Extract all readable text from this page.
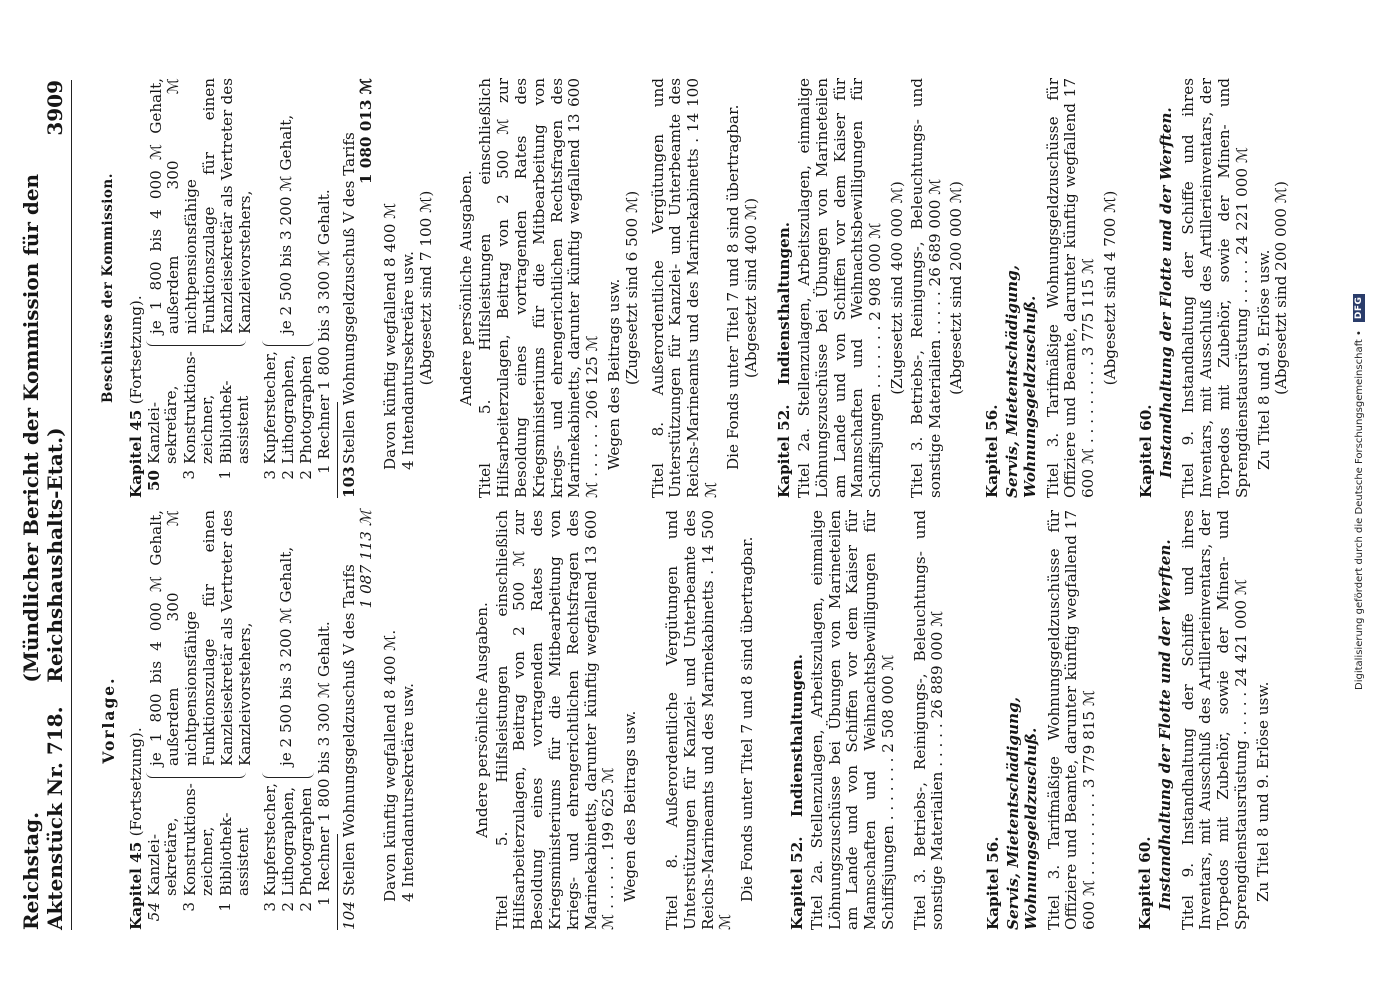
Reichstag. Aktenstück Nr. 718.
(Mündlicher Bericht der Kommission für den Reichshaushalts-Etat.)
3909
Vorlage.
Kapitel 45 (Fortsetzung).
54 3 1
Kanzlei-sekretäre, Konstruktions-zeichner, Bibliothek-assistent
je 1 800 bis 4 000 ℳ Gehalt, außerdem 300 ℳ nichtpensionsfähige Funktionszulage für einen Kanzleisekretär als Vertreter des Kanzleivorstehers,
3 2 2
Kupferstecher, Lithographen, Photographen
je 2 500 bis 3 200 ℳ Gehalt, 1 Rechner 1 800 bis 3 300 ℳ Gehalt.
104
Stellen Wohnungsgeldzuschuß V des Tarifs
1 087 113 ℳ
Davon künftig wegfallend 8 400 ℳ. 4 Intendantursekretäre usw.	Andere persönliche Ausgaben. Titel 5. Hilfsleistungen einschließlich Hilfsarbeiterzulagen, Beitrag von 2 500 ℳ zur Besoldung eines vortragenden Rates des Kriegsministeriums für die Mitbearbeitung von kriegs- und ehrengerichtlichen Rechtsfragen des Marinekabinetts, darunter künftig wegfallend 13 600 ℳ . . . . . . 199 625 ℳ Wegen des Beitrags usw. Titel 8. Außerordentliche Vergütungen und Unterstützungen für Kanzlei- und Unterbeamte des Reichs-Marineamts und des Marinekabinetts . 14 500 ℳ
Die Fonds unter Titel 7 und 8 sind übertragbar. Kapitel 52. Indiensthaltungen. Titel 2a. Stellenzulagen, Arbeitszulagen, einmalige Löhnungszuschüsse bei Übungen von Marineteilen am Lande und von Schiffen vor dem Kaiser für Mannschaften und Weihnachtsbewilligungen für Schiffsjungen . . . . . . . 2 508 000 ℳ Titel 3. Betriebs-, Reinigungs-, Beleuchtungs- und sonstige Materialien . . . . . 26 889 000 ℳ Kapitel 56. Servis, Mietentschädigung, Wohnungsgeldzuschuß. Titel 3. Tarifmäßige Wohnungsgeldzuschüsse für Offiziere und Beamte, darunter künftig wegfallend 17 600 ℳ . . . . . . . . . 3 779 815 ℳ Kapitel 60. Instandhaltung der Flotte und der Werften. Titel 9. Instandhaltung der Schiffe und ihres Inventars, mit Ausschluß des Artillerieinventars, der Torpedos mit Zubehör, sowie der Minen- und Sprengdienstausrüstung . . . . . 24 421 000 ℳ Zu Titel 8 und 9. Erlöse usw.
Beschlüsse der Kommission.
Kapitel 45 (Fortsetzung).
50 3 1
Kanzlei-sekretäre, Konstruktions-zeichner, Bibliothek-assistent
je 1 800 bis 4 000 ℳ Gehalt, außerdem 300 ℳ nichtpensionsfähige Funktionszulage für einen Kanzleisekretär als Vertreter des Kanzleivorstehers,
3 2 2
Kupferstecher, Lithographen, Photographen
je 2 500 bis 3 200 ℳ Gehalt, 1 Rechner 1 800 bis 3 300 ℳ Gehalt.
103
Stellen Wohnungsgeldzuschuß V des Tarifs
1 080 013 ℳ
Davon künftig wegfallend 8 400 ℳ 4 Intendantursekretäre usw. (Abgesetzt sind 7 100 ℳ) Andere persönliche Ausgaben. Titel 5. Hilfsleistungen einschließlich Hilfsarbeiterzulagen, Beitrag von 2 500 ℳ zur Besoldung eines vortragenden Rates des Kriegsministeriums für die Mitbearbeitung von kriegs- und ehrengerichtlichen Rechtsfragen des Marinekabinetts, darunter künftig wegfallend 13 600 ℳ . . . . . . 206 125 ℳ Wegen des Beitrags usw. (Zugesetzt sind 6 500 ℳ) Titel 8. Außerordentliche Vergütungen und Unterstützungen für Kanzlei- und Unterbeamte des Reichs-Marineamts und des Marinekabinetts . 14 100 ℳ
Die Fonds unter Titel 7 und 8 sind übertragbar. (Abgesetzt sind 400 ℳ)
Kapitel 52. Indiensthaltungen. Titel 2a. Stellenzulagen, Arbeitszulagen, einmalige Löhnungszuschüsse bei Übungen von Marineteilen am Lande und von Schiffen vor dem Kaiser für Mannschaften und Weihnachtsbewilligungen für Schiffsjungen . . . . . . . 2 908 000 ℳ (Zugesetzt sind 400 000 ℳ) Titel 3. Betriebs-, Reinigungs-, Beleuchtungs- und sonstige Materialien . . . . . 26 689 000 ℳ (Abgesetzt sind 200 000 ℳ)
Kapitel 56. Servis, Mietentschädigung, Wohnungsgeldzuschuß. Titel 3. Tarifmäßige Wohnungsgeldzuschüsse für Offiziere und Beamte, darunter künftig wegfallend 17 600 ℳ . . . . . . . . . 3 775 115 ℳ (Abgesetzt sind 4 700 ℳ)
Kapitel 60. Instandhaltung der Flotte und der Werften. Titel 9. Instandhaltung der Schiffe und ihres Inventars, mit Ausschluß des Artillerieinventars, der Torpedos mit Zubehör, sowie der Minen- und Sprengdienstausrüstung . . . . . 24 221 000 ℳ Zu Titel 8 und 9. Erlöse usw. (Abgesetzt sind 200 000 ℳ)
Digitalisierung gefördert durch die Deutsche Forschungsgemeinschaft •
DFG
